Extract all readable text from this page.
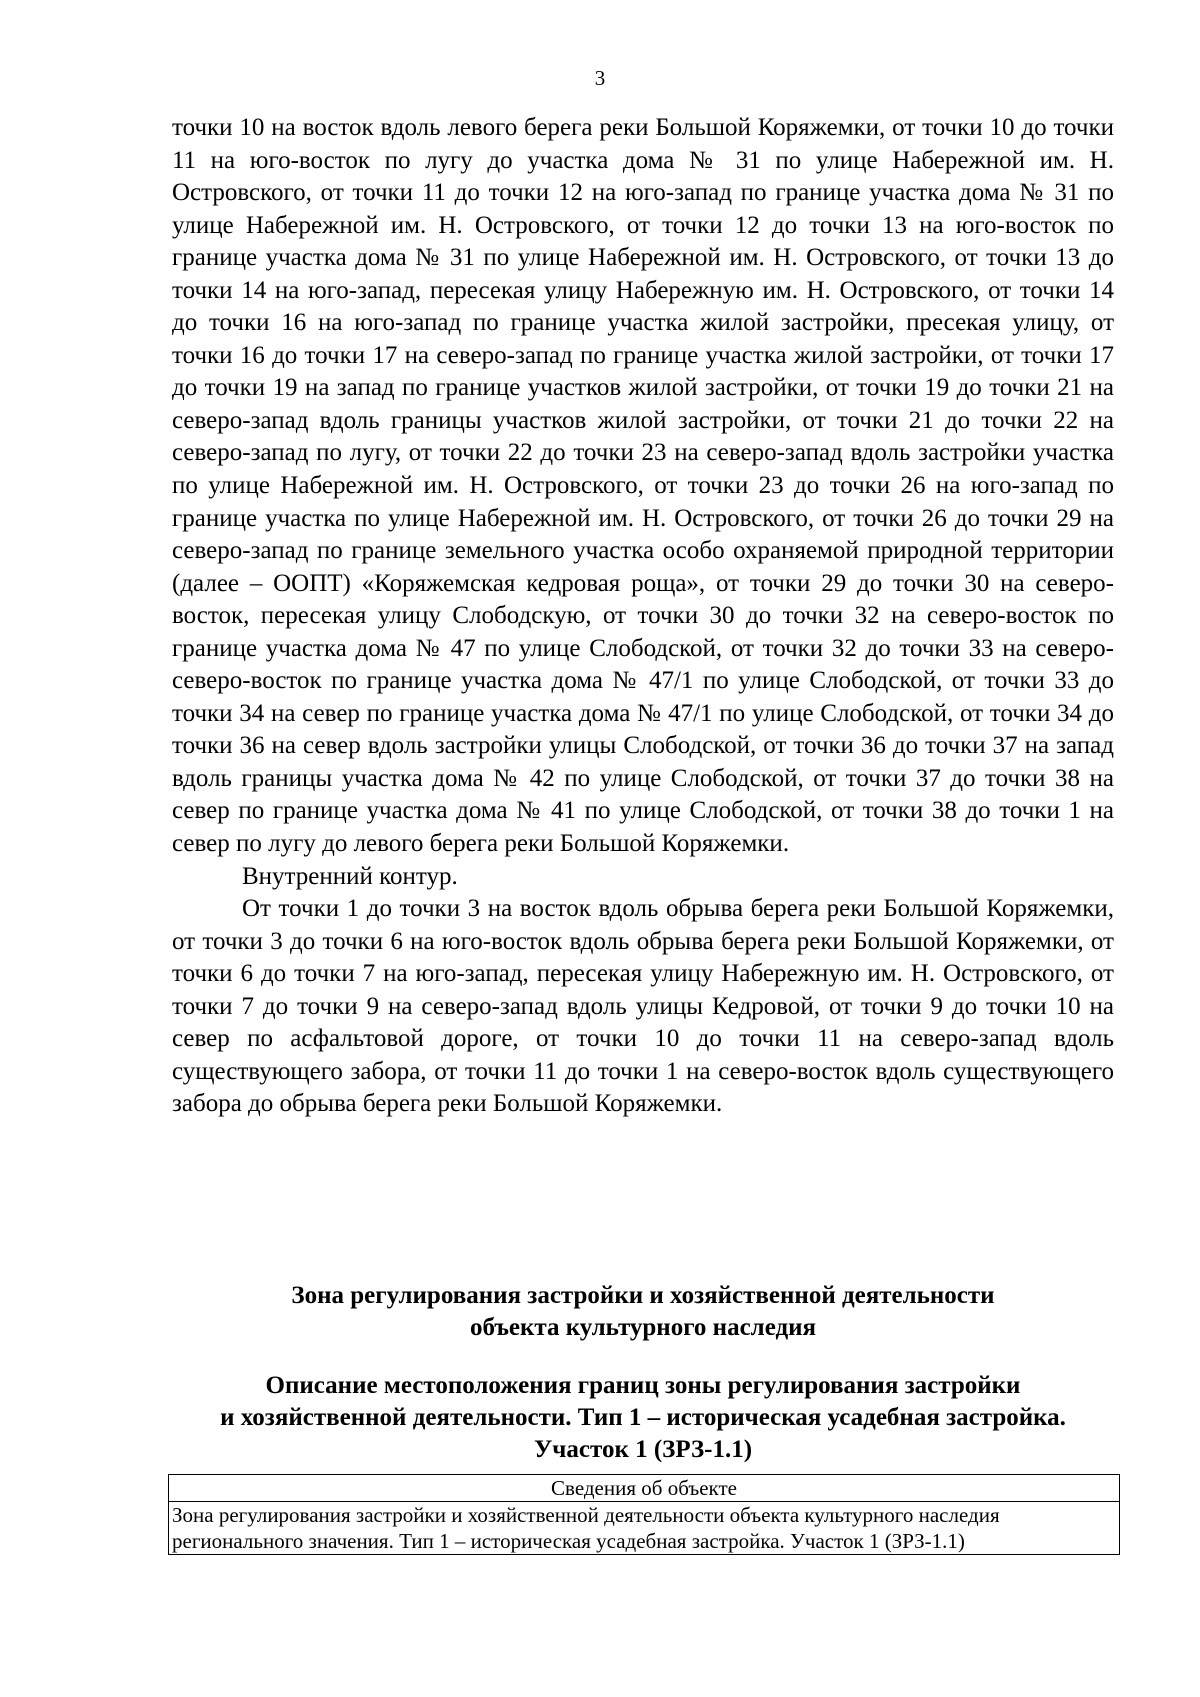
3

точки 10 на восток вдоль левого берега реки Большой Коряжемки, от точки 10 до точки 11 на юго-восток по лугу до участка дома № 31 по улице Набережной им. Н. Островского, от точки 11 до точки 12 на юго-запад по границе участка дома № 31 по улице Набережной им. Н. Островского, от точки 12 до точки 13 на юго-восток по границе участка дома № 31 по улице Набережной им. Н. Островского, от точки 13 до точки 14 на юго-запад, пересекая улицу Набережную им. Н. Островского, от точки 14 до точки 16 на юго-запад по границе участка жилой застройки, пресекая улицу, от точки 16 до точки 17 на северо-запад по границе участка жилой застройки, от точки 17 до точки 19 на запад по границе участков жилой застройки, от точки 19 до точки 21 на северо-запад вдоль границы участков жилой застройки, от точки 21 до точки 22 на северо-запад по лугу, от точки 22 до точки 23 на северо-запад вдоль застройки участка по улице Набережной им. Н. Островского, от точки 23 до точки 26 на юго-запад по границе участка по улице Набережной им. Н. Островского, от точки 26 до точки 29 на северо-запад по границе земельного участка особо охраняемой природной территории (далее – ООПТ) «Коряжемская кедровая роща», от точки 29 до точки 30 на северо-восток, пересекая улицу Слободскую, от точки 30 до точки 32 на северо-восток по границе участка дома № 47 по улице Слободской, от точки 32 до точки 33 на северо-северо-восток по границе участка дома № 47/1 по улице Слободской, от точки 33 до точки 34 на север по границе участка дома № 47/1 по улице Слободской, от точки 34 до точки 36 на север вдоль застройки улицы Слободской, от точки 36 до точки 37 на запад вдоль границы участка дома № 42 по улице Слободской, от точки 37 до точки 38 на север по границе участка дома № 41 по улице Слободской, от точки 38 до точки 1 на север по лугу до левого берега реки Большой Коряжемки.

Внутренний контур.

От точки 1 до точки 3 на восток вдоль обрыва берега реки Большой Коряжемки, от точки 3 до точки 6 на юго-восток вдоль обрыва берега реки Большой Коряжемки, от точки 6 до точки 7 на юго-запад, пересекая улицу Набережную им. Н. Островского, от точки 7 до точки 9 на северо-запад вдоль улицы Кедровой, от точки 9 до точки 10 на север по асфальтовой дороге, от точки 10 до точки 11 на северо-запад вдоль существующего забора, от точки 11 до точки 1 на северо-восток вдоль существующего забора до обрыва берега реки Большой Коряжемки.

Зона регулирования застройки и хозяйственной деятельности
объекта культурного наследия
Описание местоположения границ зоны регулирования застройки
и хозяйственной деятельности. Тип 1 – историческая усадебная застройка.
Участок 1 (ЗРЗ-1.1)
Сведения об объекте

Зона регулирования застройки и хозяйственной деятельности объекта культурного наследия
регионального значения. Тип 1 – историческая усадебная застройка. Участок 1 (ЗРЗ-1.1)
